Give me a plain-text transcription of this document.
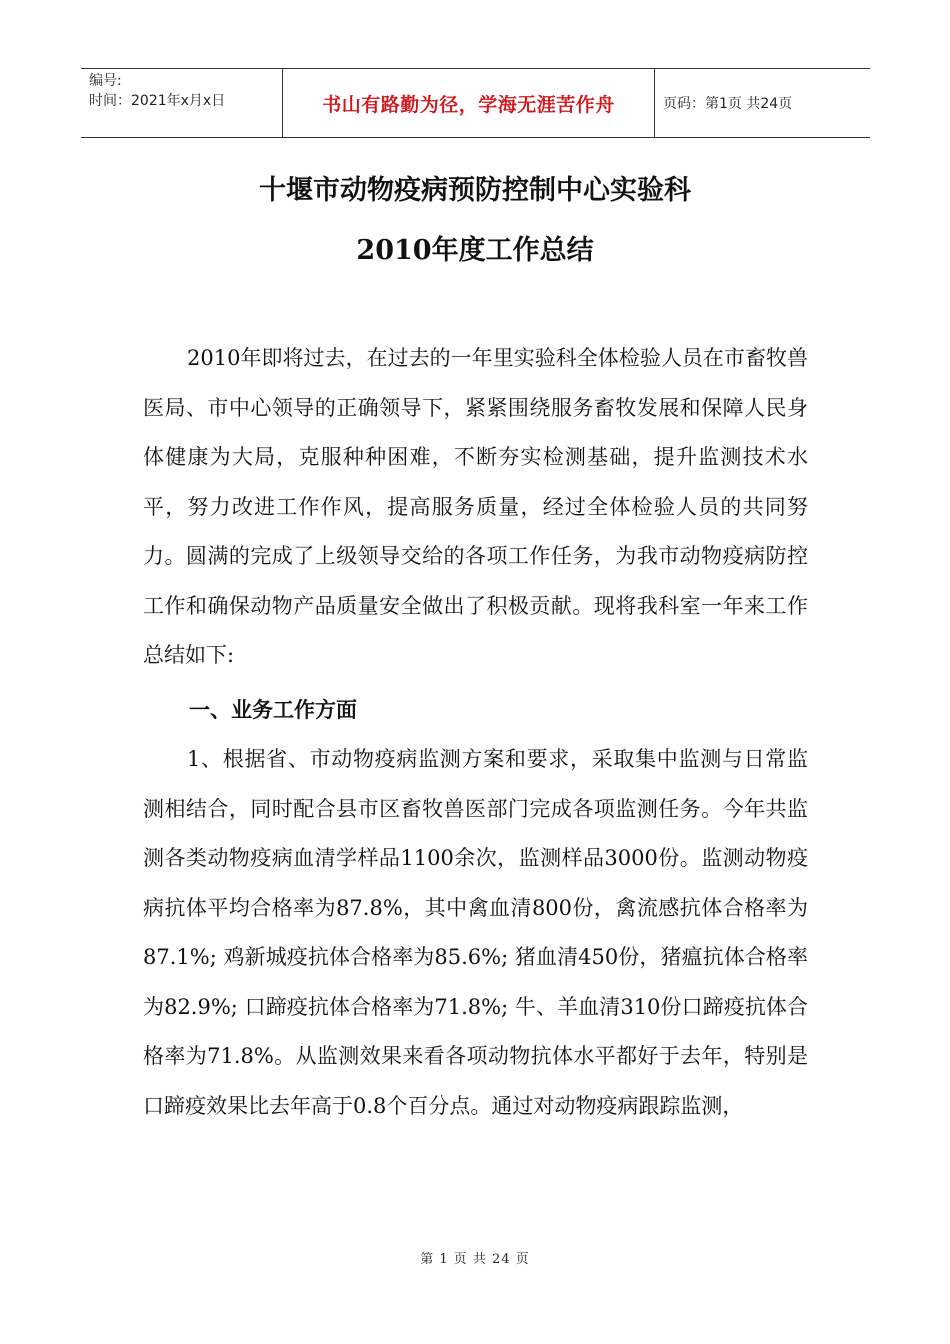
编号:
时间：2021年x月x日	书山有路勤为径，学海无涯苦作舟	页码：第1页 共24页
十堰市动物疫病预防控制中心实验科
2010年度工作总结
2010年即将过去，在过去的一年里实验科全体检验人员在市畜牧兽医局、市中心领导的正确领导下，紧紧围绕服务畜牧发展和保障人民身体健康为大局，克服种种困难，不断夯实检测基础，提升监测技术水平，努力改进工作作风，提高服务质量，经过全体检验人员的共同努力。圆满的完成了上级领导交给的各项工作任务，为我市动物疫病防控工作和确保动物产品质量安全做出了积极贡献。现将我科室一年来工作总结如下:
一、业务工作方面
1、根据省、市动物疫病监测方案和要求，采取集中监测与日常监测相结合，同时配合县市区畜牧兽医部门完成各项监测任务。今年共监测各类动物疫病血清学样品1100余次，监测样品3000份。监测动物疫病抗体平均合格率为87.8%，其中禽血清800份，禽流感抗体合格率为87.1%; 鸡新城疫抗体合格率为85.6%; 猪血清450份，猪瘟抗体合格率为82.9%; 口蹄疫抗体合格率为71.8%; 牛、羊血清310份口蹄疫抗体合格率为71.8%。从监测效果来看各项动物抗体水平都好于去年，特别是口蹄疫效果比去年高于0.8个百分点。通过对动物疫病跟踪监测，
第 1 页 共 24 页
